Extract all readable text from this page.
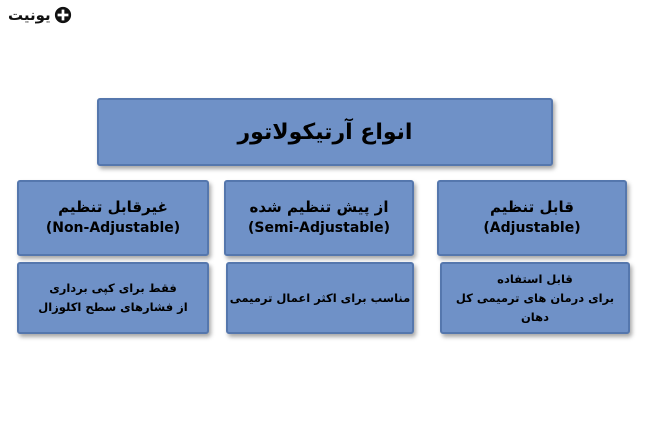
یونیت
انواع آرتیکولاتور
قابل تنظیم
(Adjustable)
از پیش تنظیم شده
(Semi-Adjustable)
غیرقابل تنظیم
(Non-Adjustable)
قابل استفاده
برای درمان های ترمیمی کل دهان
مناسب برای اکثر اعمال ترمیمی
فقط برای کپی برداری
از فشارهای سطح اکلوزال
